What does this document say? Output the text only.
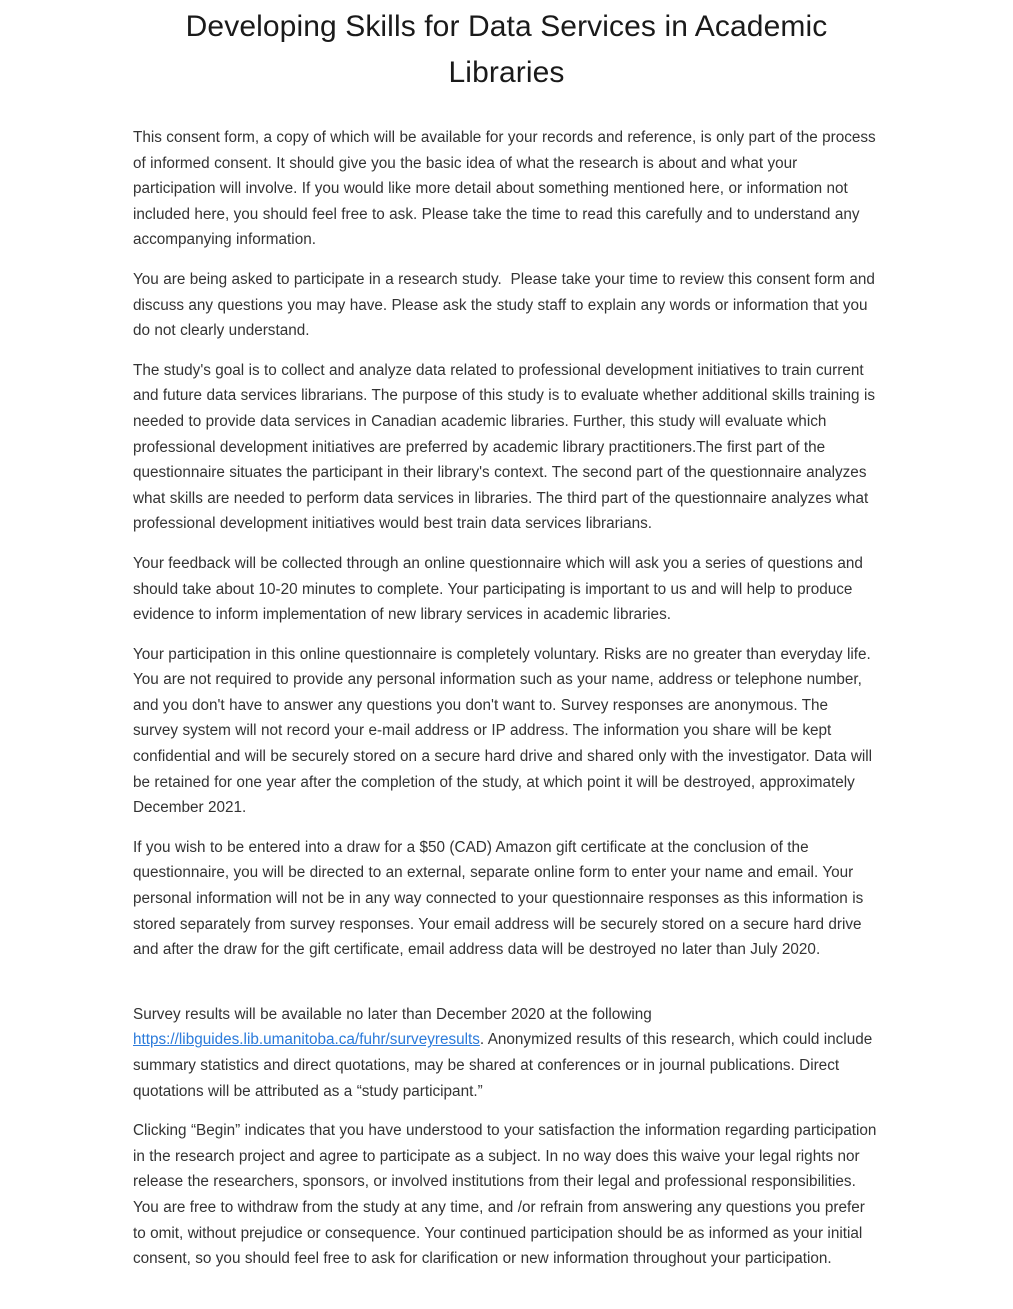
Developing Skills for Data Services in Academic Libraries

This consent form, a copy of which will be available for your records and reference, is only part of the process of informed consent. It should give you the basic idea of what the research is about and what your participation will involve. If you would like more detail about something mentioned here, or information not included here, you should feel free to ask. Please take the time to read this carefully and to understand any accompanying information.

You are being asked to participate in a research study.  Please take your time to review this consent form and discuss any questions you may have. Please ask the study staff to explain any words or information that you do not clearly understand.

The study's goal is to collect and analyze data related to professional development initiatives to train current and future data services librarians. The purpose of this study is to evaluate whether additional skills training is needed to provide data services in Canadian academic libraries. Further, this study will evaluate which professional development initiatives are preferred by academic library practitioners.The first part of the questionnaire situates the participant in their library's context. The second part of the questionnaire analyzes what skills are needed to perform data services in libraries. The third part of the questionnaire analyzes what professional development initiatives would best train data services librarians.

Your feedback will be collected through an online questionnaire which will ask you a series of questions and should take about 10-20 minutes to complete. Your participating is important to us and will help to produce evidence to inform implementation of new library services in academic libraries.

Your participation in this online questionnaire is completely voluntary. Risks are no greater than everyday life. You are not required to provide any personal information such as your name, address or telephone number, and you don't have to answer any questions you don't want to. Survey responses are anonymous. The survey system will not record your e-mail address or IP address. The information you share will be kept confidential and will be securely stored on a secure hard drive and shared only with the investigator. Data will be retained for one year after the completion of the study, at which point it will be destroyed, approximately December 2021.

If you wish to be entered into a draw for a $50 (CAD) Amazon gift certificate at the conclusion of the questionnaire, you will be directed to an external, separate online form to enter your name and email. Your personal information will not be in any way connected to your questionnaire responses as this information is stored separately from survey responses. Your email address will be securely stored on a secure hard drive and after the draw for the gift certificate, email address data will be destroyed no later than July 2020.

Survey results will be available no later than December 2020 at the following https://libguides.lib.umanitoba.ca/fuhr/surveyresults. Anonymized results of this research, which could include summary statistics and direct quotations, may be shared at conferences or in journal publications. Direct quotations will be attributed as a “study participant.”

Clicking “Begin” indicates that you have understood to your satisfaction the information regarding participation in the research project and agree to participate as a subject. In no way does this waive your legal rights nor release the researchers, sponsors, or involved institutions from their legal and professional responsibilities. You are free to withdraw from the study at any time, and /or refrain from answering any questions you prefer to omit, without prejudice or consequence. Your continued participation should be as informed as your initial consent, so you should feel free to ask for clarification or new information throughout your participation.
